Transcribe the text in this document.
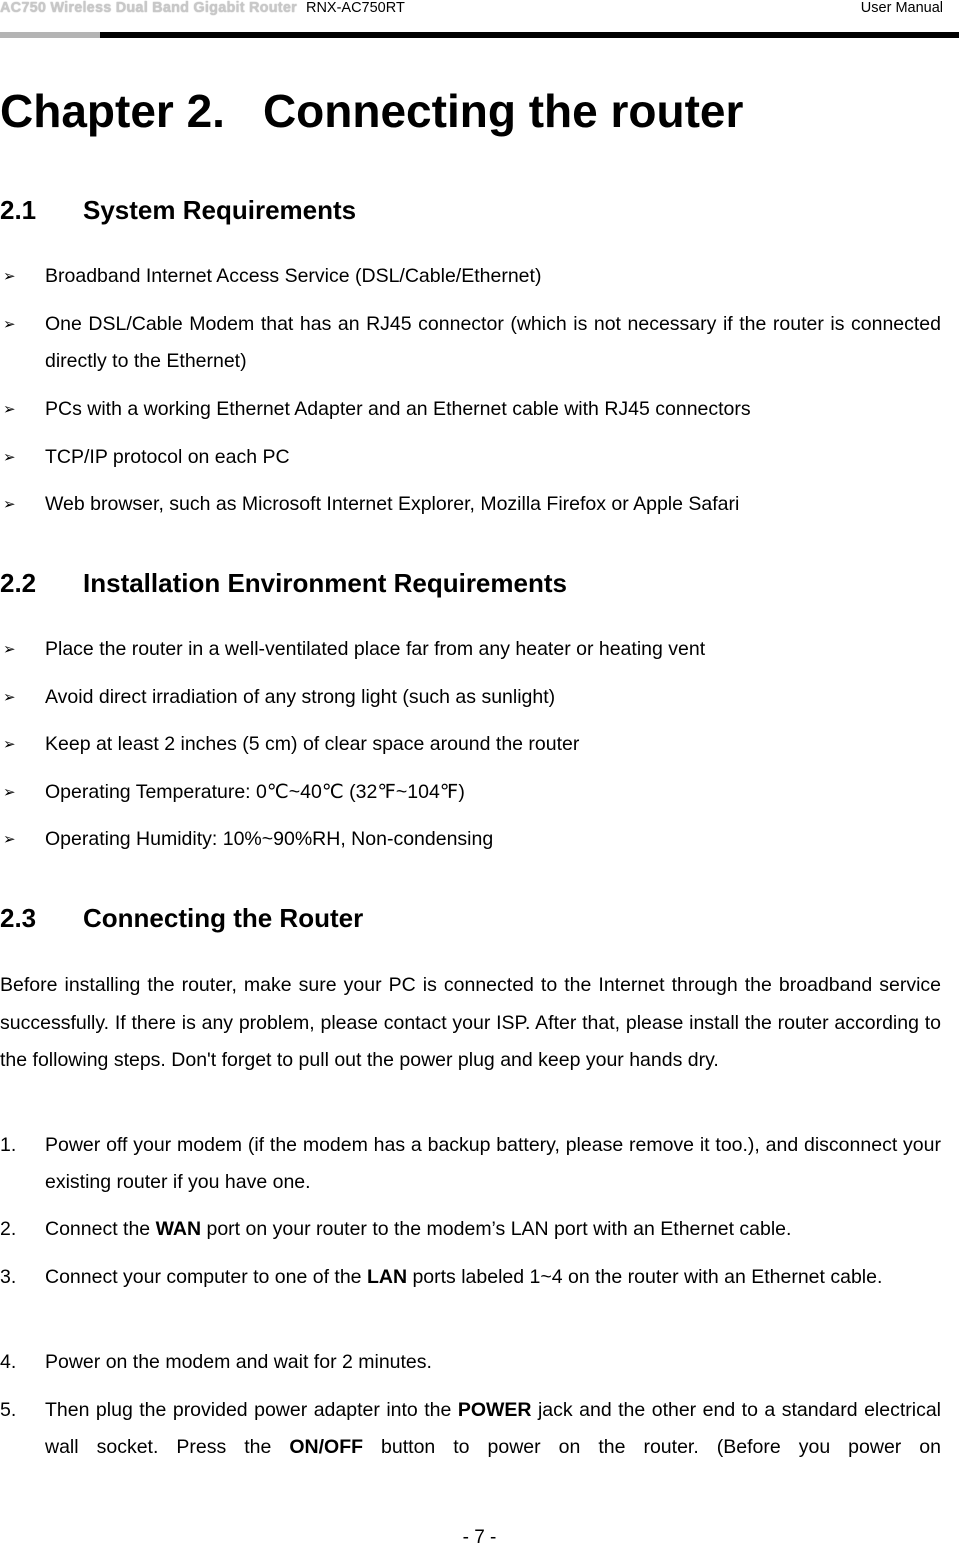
AC750 Wireless Dual Band Gigabit Router RNX-AC750RT	User Manual
Chapter 2. Connecting the router
2.1 System Requirements
➢ Broadband Internet Access Service (DSL/Cable/Ethernet)
➢ One DSL/Cable Modem that has an RJ45 connector (which is not necessary if the router is connected directly to the Ethernet)
➢ PCs with a working Ethernet Adapter and an Ethernet cable with RJ45 connectors
➢ TCP/IP protocol on each PC
➢ Web browser, such as Microsoft Internet Explorer, Mozilla Firefox or Apple Safari
2.2 Installation Environment Requirements
➢ Place the router in a well-ventilated place far from any heater or heating vent
➢ Avoid direct irradiation of any strong light (such as sunlight)
➢ Keep at least 2 inches (5 cm) of clear space around the router
➢ Operating Temperature: 0℃~40℃ (32℉~104℉)
➢ Operating Humidity: 10%~90%RH, Non-condensing
2.3 Connecting the Router
Before installing the router, make sure your PC is connected to the Internet through the broadband service successfully. If there is any problem, please contact your ISP. After that, please install the router according to the following steps. Don't forget to pull out the power plug and keep your hands dry.
1. Power off your modem (if the modem has a backup battery, please remove it too.), and disconnect your existing router if you have one.
2. Connect the WAN port on your router to the modem’s LAN port with an Ethernet cable.
3. Connect your computer to one of the LAN ports labeled 1~4 on the router with an Ethernet cable.
4. Power on the modem and wait for 2 minutes.
5. Then plug the provided power adapter into the POWER jack and the other end to a standard electrical wall socket. Press the ON/OFF button to power on the router. (Before you power on
- 7 -
